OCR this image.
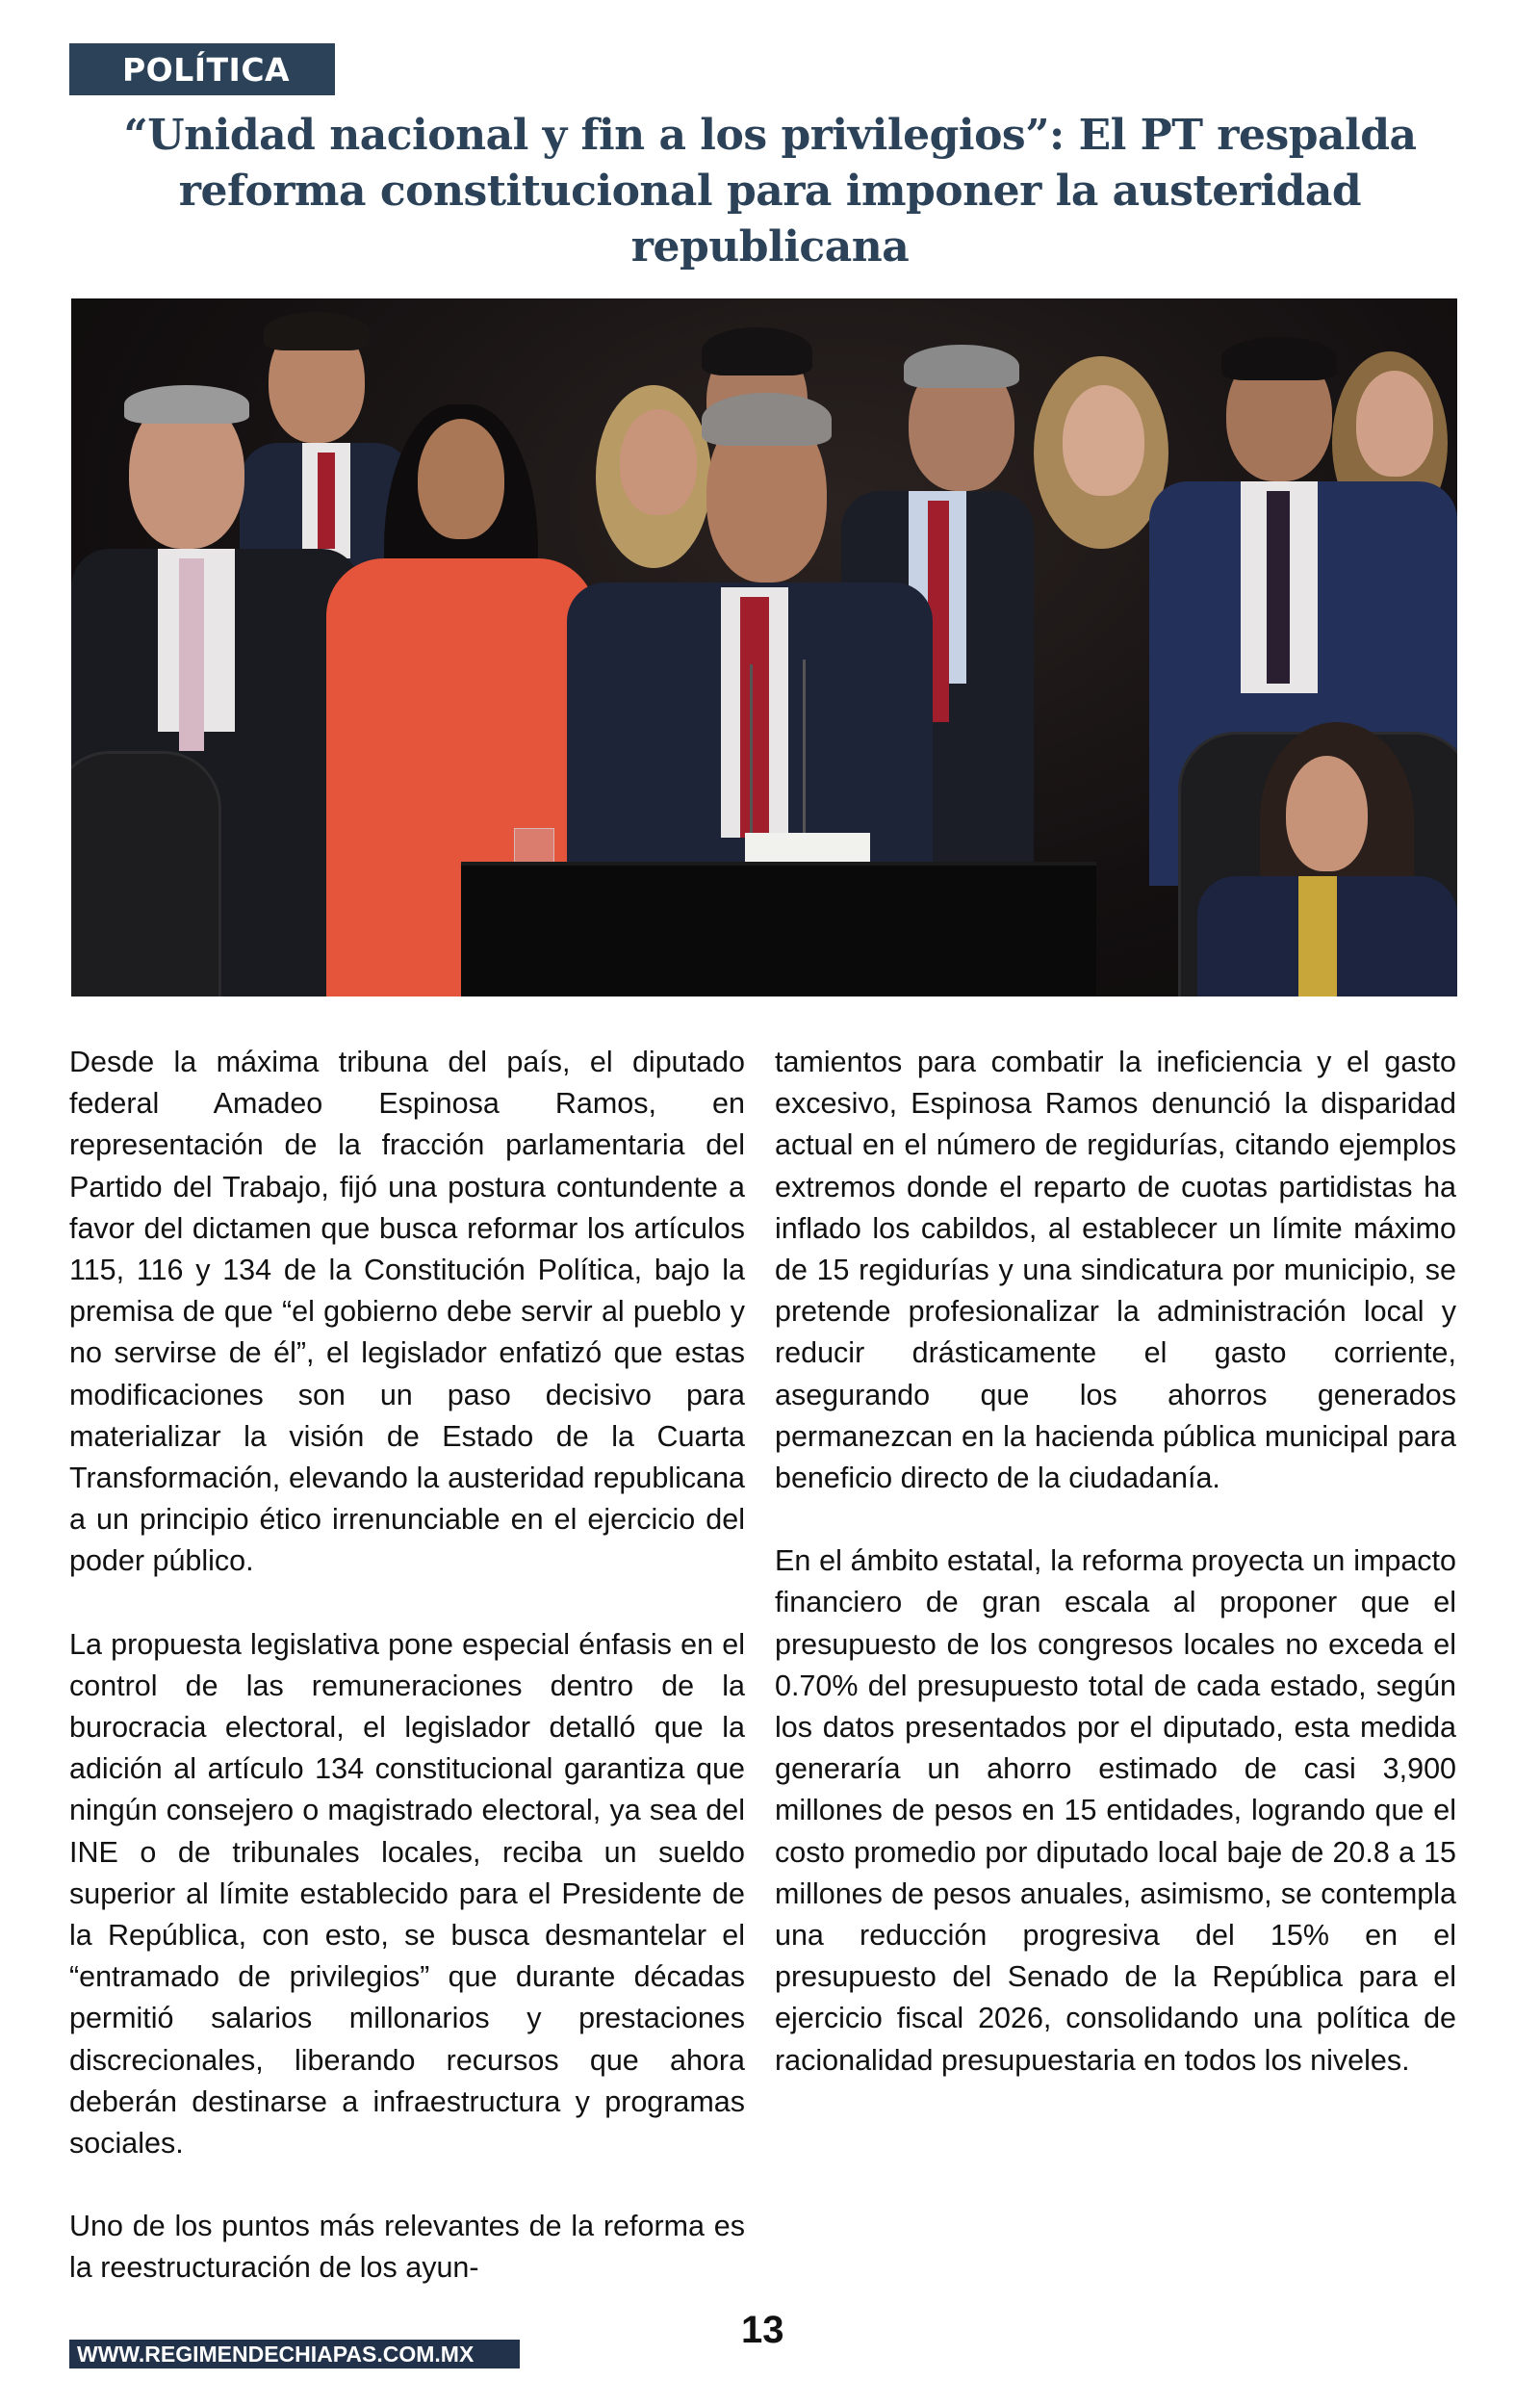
POLÍTICA
“Unidad nacional y fin a los privilegios”: El PT respalda
reforma constitucional para imponer la austeridad
republicana

Desde la máxima tribuna del país, el diputado federal Amadeo Espinosa Ramos, en representación de la fracción parlamentaria del Partido del Trabajo, fijó una postura contundente a favor del dictamen que busca reformar los artículos 115, 116 y 134 de la Constitución Política, bajo la premisa de que “el gobierno debe servir al pueblo y no servirse de él”, el legislador enfatizó que estas modificaciones son un paso decisivo para materializar la visión de Estado de la Cuarta Transformación, elevando la austeridad republicana a un principio ético irrenunciable en el ejercicio del poder público.

La propuesta legislativa pone especial énfasis en el control de las remuneraciones dentro de la burocracia electoral, el legislador detalló que la adición al artículo 134 constitucional garantiza que ningún consejero o magistrado electoral, ya sea del INE o de tribunales locales, reciba un sueldo superior al límite establecido para el Presidente de la República, con esto, se busca desmantelar el “entramado de privilegios” que durante décadas permitió salarios millonarios y prestaciones discrecionales, liberando recursos que ahora deberán destinarse a infraestructura y programas sociales.

Uno de los puntos más relevantes de la reforma es la reestructuración de los ayun-

tamientos para combatir la ineficiencia y el gasto excesivo, Espinosa Ramos denunció la disparidad actual en el número de regidurías, citando ejemplos extremos donde el reparto de cuotas partidistas ha inflado los cabildos, al establecer un límite máximo de 15 regidurías y una sindicatura por municipio, se pretende profesionalizar la administración local y reducir drásticamente el gasto corriente, asegurando que los ahorros generados permanezcan en la hacienda pública municipal para beneficio directo de la ciudadanía.

En el ámbito estatal, la reforma proyecta un impacto financiero de gran escala al proponer que el presupuesto de los congresos locales no exceda el 0.70% del presupuesto total de cada estado, según los datos presentados por el diputado, esta medida generaría un ahorro estimado de casi 3,900 millones de pesos en 15 entidades, logrando que el costo promedio por diputado local baje de 20.8 a 15 millones de pesos anuales, asimismo, se contempla una reducción progresiva del 15% en el presupuesto del Senado de la República para el ejercicio fiscal 2026, consolidando una política de racionalidad presupuestaria en todos los niveles.

13
WWW.REGIMENDECHIAPAS.COM.MX
